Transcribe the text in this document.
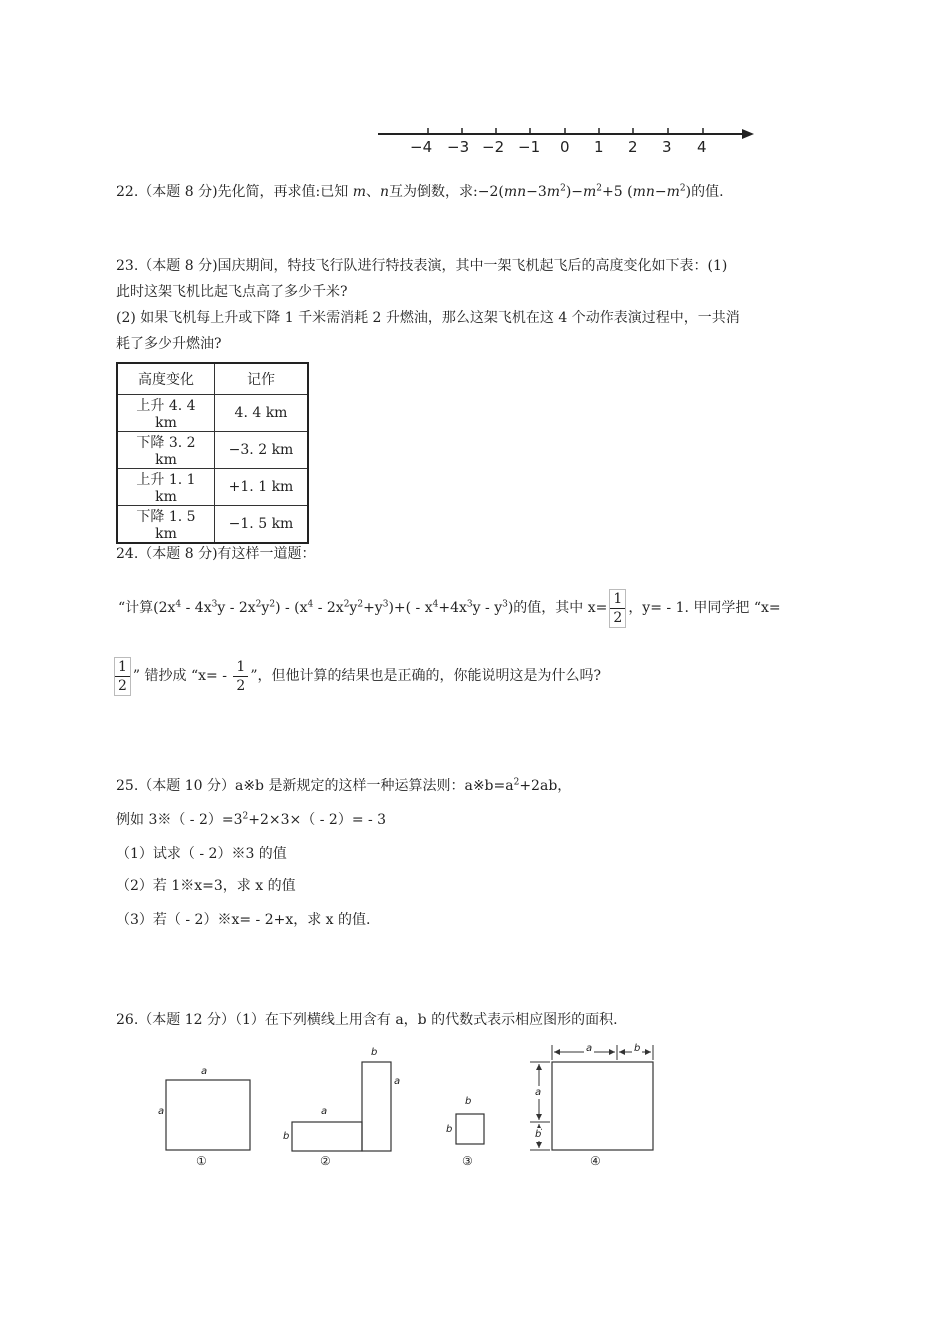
−4 −3 −2 −1 0 1 2 3 4
22.（本题 8 分)先化简，再求值:已知 m、n互为倒数，求$:-2(mn-3m^2)-m^2+5$ $(mn-m^2)$的值.
23.（本题 8 分)国庆期间，特技飞行队进行特技表演，其中一架飞机起飞后的高度变化如下表：(1)
此时这架飞机比起飞点高了多少千米?
(2) 如果飞机每上升或下降 1 千米需消耗 2 升燃油，那么这架飞机在这 4 个动作表演过程中，一共消
耗了多少升燃油?
高度变化	记作
上升 4. 4 km	4. 4 km
下降 3. 2 km	−3. 2 km
上升 1. 1 km	+1. 1 km
下降 1. 5 km	−1. 5 km
24.（本题 8 分)有这样一道题：
“计算$(2x^4 - 4x^3y - 2x^2y^2) - (x^4 - 2x^2y^2+y^3)+( - x^4+4x^3y - y^3)$的值，其中 $x= \frac{1}{2}$ ，y= - 1. 甲同学把 “x=
$\frac{1}{2}$ ” 错抄成 “$x= - \frac{1}{2}$ ”，但他计算的结果也是正确的，你能说明这是为什么吗?
25.（本题 10 分）a※b 是新规定的这样一种运算法则：$a※b=a^2+2ab$，
例如 3※（ - $2)=3^2+2\times 3\times( - 2)= - 3$
（1）试求（ - 2）※3 的值
（2）若 1※x=3，求 x 的值
（3）若（ - 2）※x= - 2+x，求 x 的值.
26.（本题 12 分）（1）在下列横线上用含有 a，b 的代数式表示相应图形的面积.
a
a
①
b
a
a
b
②
b
b
③
a	b
a
b
④
